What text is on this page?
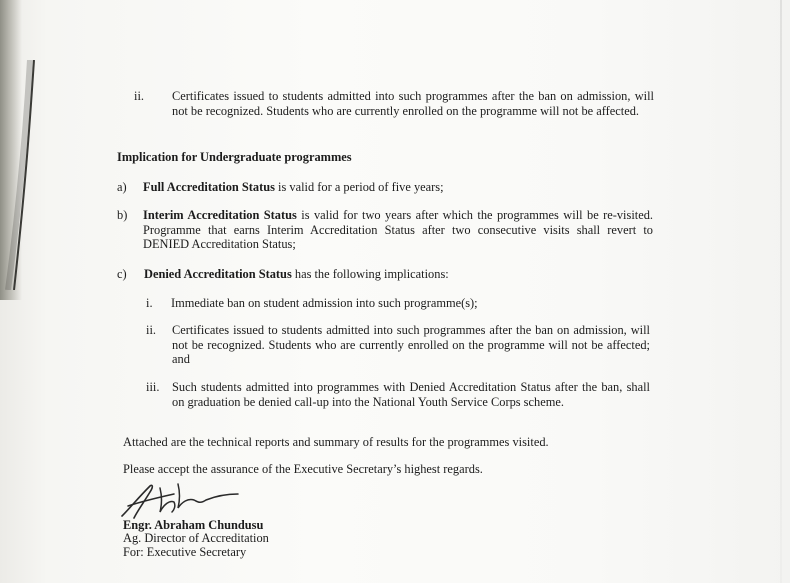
ii. Certificates issued to students admitted into such programmes after the ban on admission, will not be recognized. Students who are currently enrolled on the programme will not be affected.

Implication for Undergraduate programmes

a) Full Accreditation Status is valid for a period of five years;

b) Interim Accreditation Status is valid for two years after which the programmes will be re-visited. Programme that earns Interim Accreditation Status after two consecutive visits shall revert to DENIED Accreditation Status;

c) Denied Accreditation Status has the following implications:

i. Immediate ban on student admission into such programme(s);

ii. Certificates issued to students admitted into such programmes after the ban on admission, will not be recognized. Students who are currently enrolled on the programme will not be affected; and

iii. Such students admitted into programmes with Denied Accreditation Status after the ban, shall on graduation be denied call-up into the National Youth Service Corps scheme.

Attached are the technical reports and summary of results for the programmes visited.

Please accept the assurance of the Executive Secretary’s highest regards.

Engr. Abraham Chundusu

Ag. Director of Accreditation

For: Executive Secretary
